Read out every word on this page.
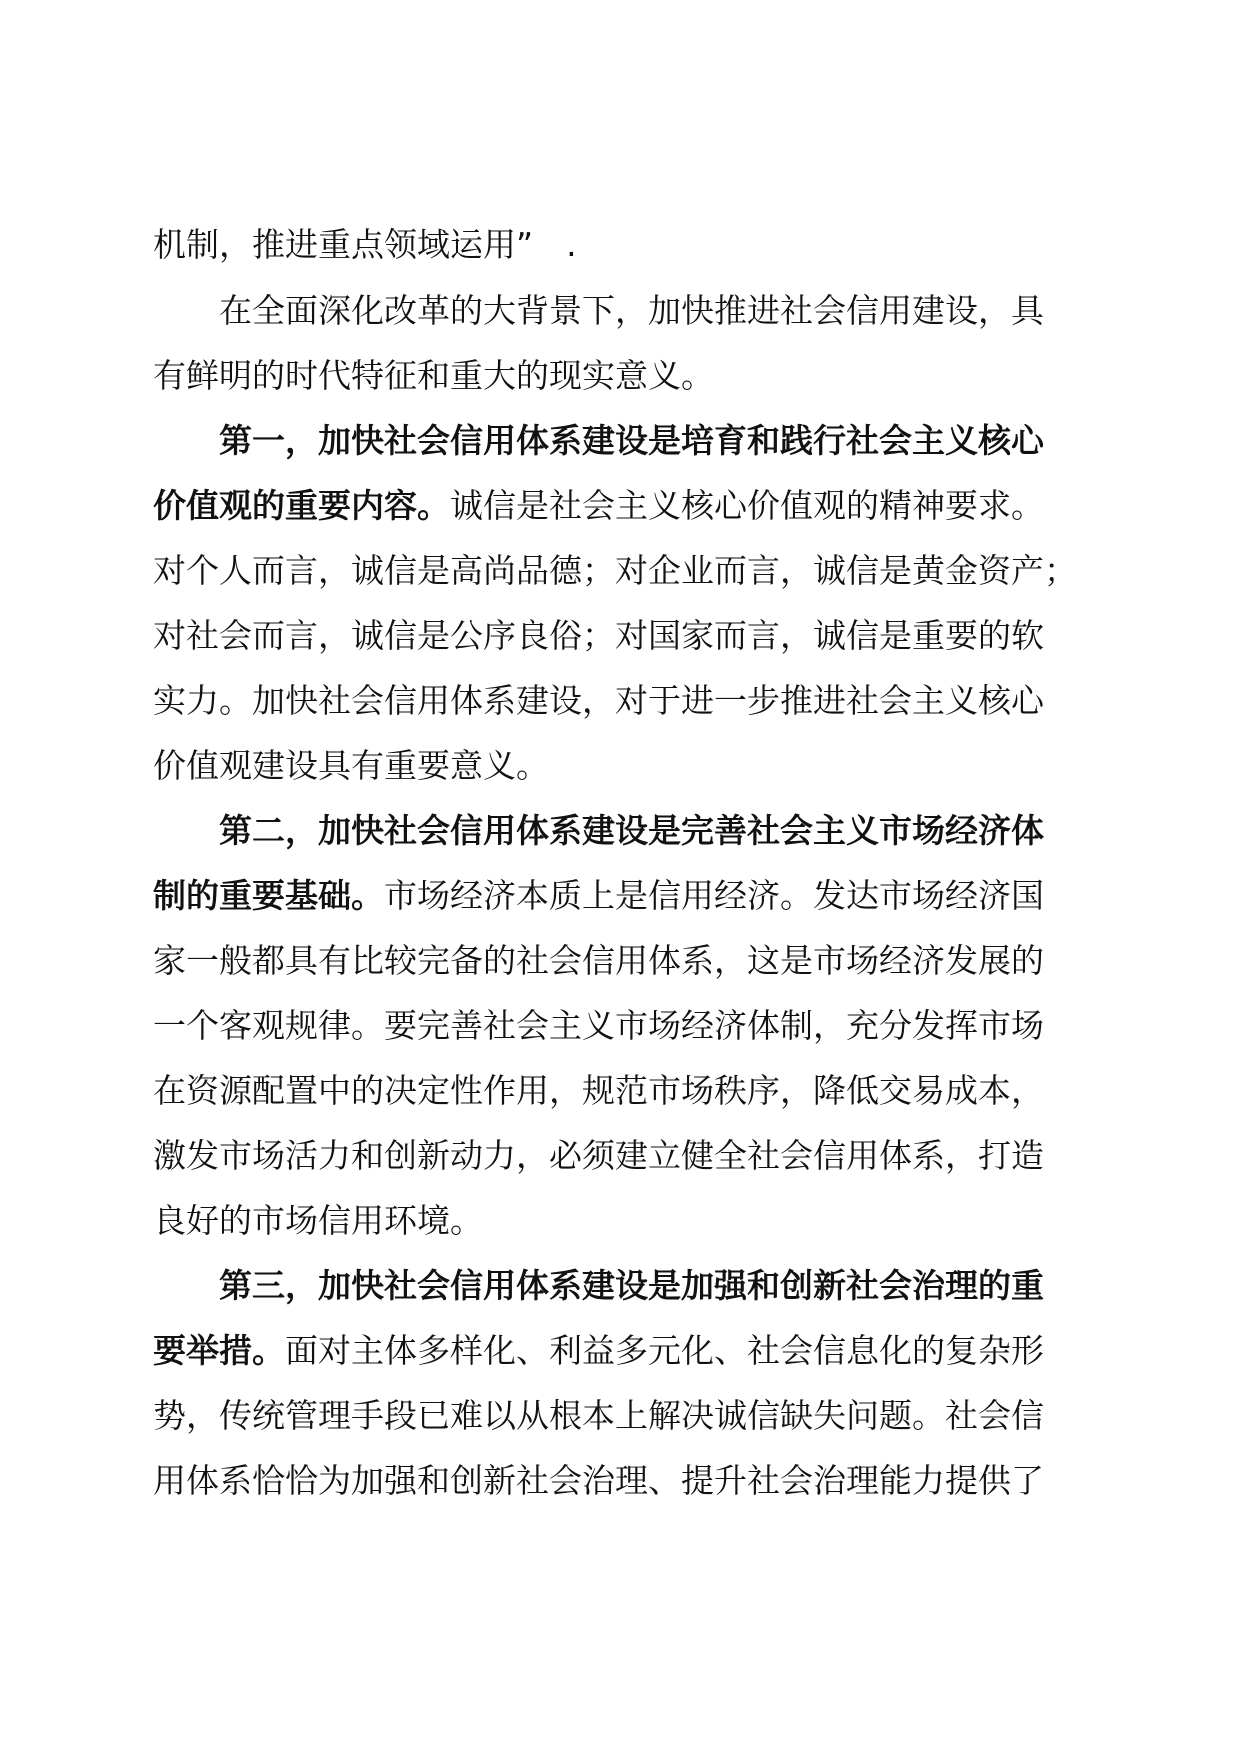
机制，推进重点领域运用”　.
在全面深化改革的大背景下，加快推进社会信用建设，具
有鲜明的时代特征和重大的现实意义。
第一，加快社会信用体系建设是培育和践行社会主义核心
价值观的重要内容。诚信是社会主义核心价值观的精神要求。
对个人而言，诚信是高尚品德；对企业而言，诚信是黄金资产；
对社会而言，诚信是公序良俗；对国家而言，诚信是重要的软
实力。加快社会信用体系建设，对于进一步推进社会主义核心
价值观建设具有重要意义。
第二，加快社会信用体系建设是完善社会主义市场经济体
制的重要基础。市场经济本质上是信用经济。发达市场经济国
家一般都具有比较完备的社会信用体系，这是市场经济发展的
一个客观规律。要完善社会主义市场经济体制，充分发挥市场
在资源配置中的决定性作用，规范市场秩序，降低交易成本，
激发市场活力和创新动力，必须建立健全社会信用体系，打造
良好的市场信用环境。
第三，加快社会信用体系建设是加强和创新社会治理的重
要举措。面对主体多样化、利益多元化、社会信息化的复杂形
势，传统管理手段已难以从根本上解决诚信缺失问题。社会信
用体系恰恰为加强和创新社会治理、提升社会治理能力提供了
